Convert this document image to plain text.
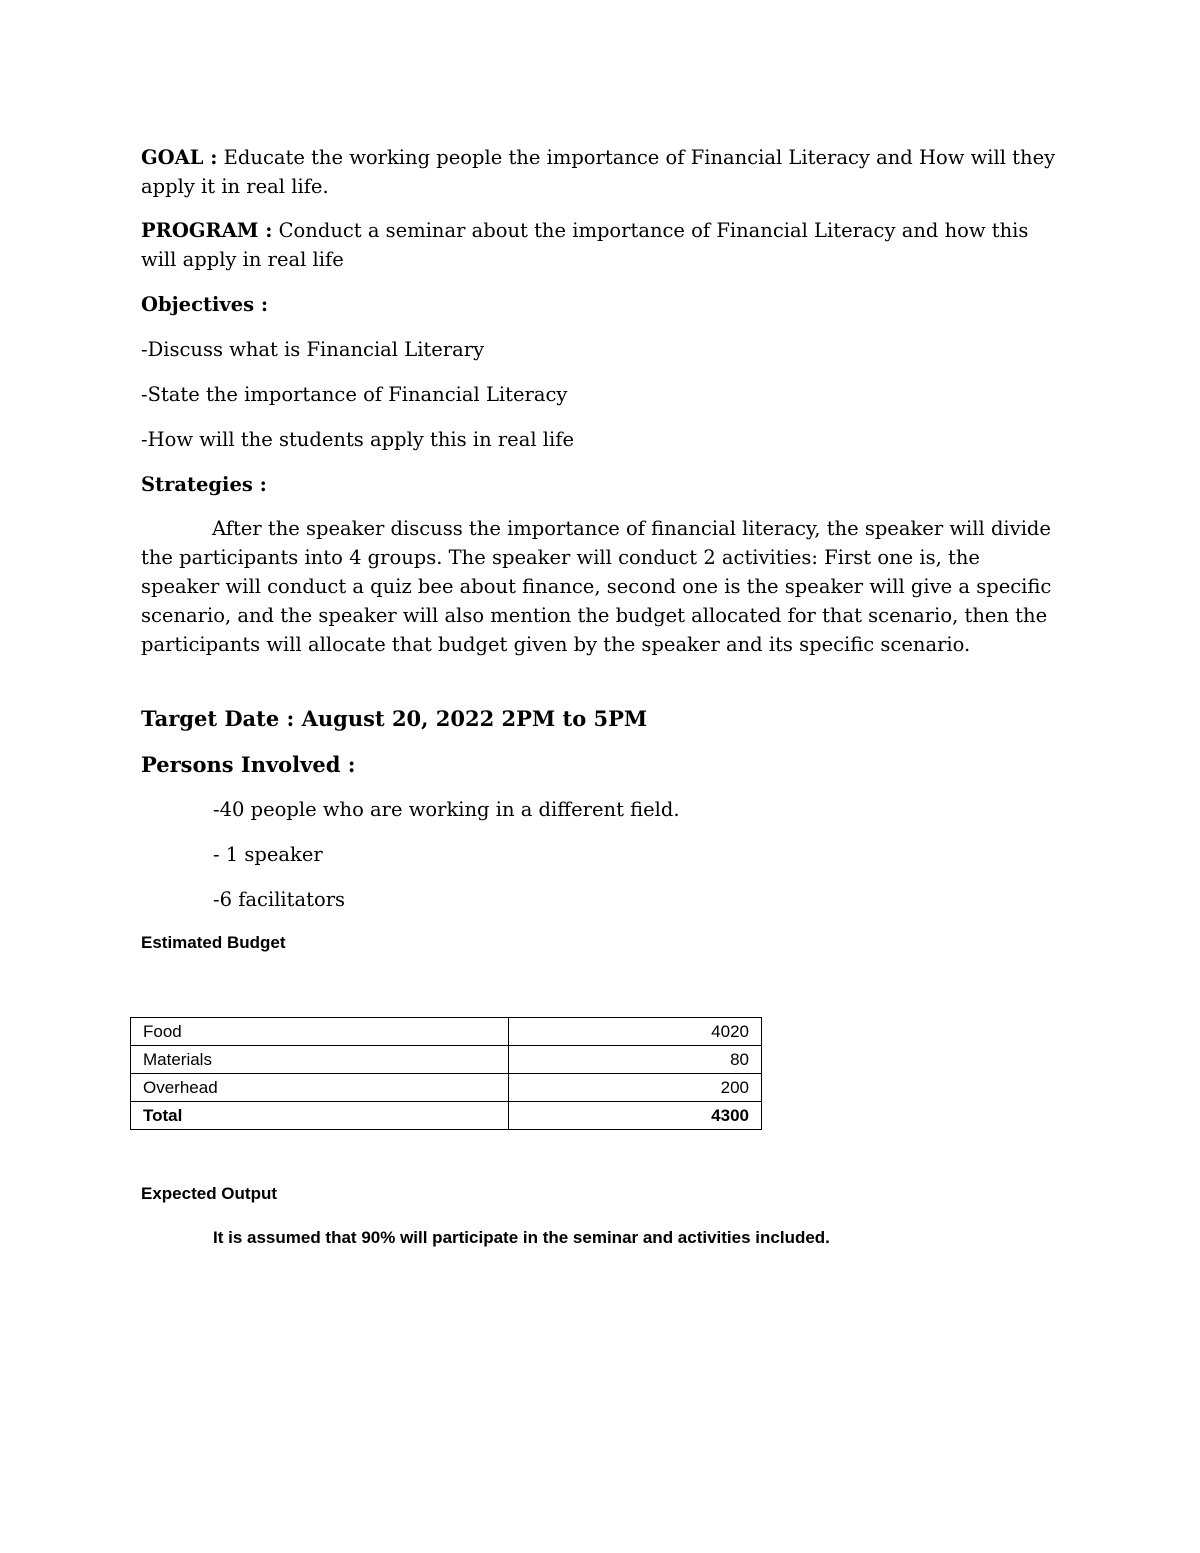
GOAL : Educate the working people the importance of Financial Literacy and How will they apply it in real life.

PROGRAM : Conduct a seminar about the importance of Financial Literacy and how this will apply in real life

Objectives :

-Discuss what is Financial Literary

-State the importance of Financial Literacy

-How will the students apply this in real life

Strategies :

After the speaker discuss the importance of financial literacy, the speaker will divide the participants into 4 groups. The speaker will conduct 2 activities: First one is, the speaker will conduct a quiz bee about finance, second one is the speaker will give a specific scenario, and the speaker will also mention the budget allocated for that scenario, then the participants will allocate that budget given by the speaker and its specific scenario.

Target Date : August 20, 2022 2PM to 5PM

Persons Involved :

-40 people who are working in a different field.

- 1 speaker

-6 facilitators

Estimated Budget

Food	4020
Materials	80
Overhead	200
Total	4300

Expected Output

It is assumed that 90% will participate in the seminar and activities included.
